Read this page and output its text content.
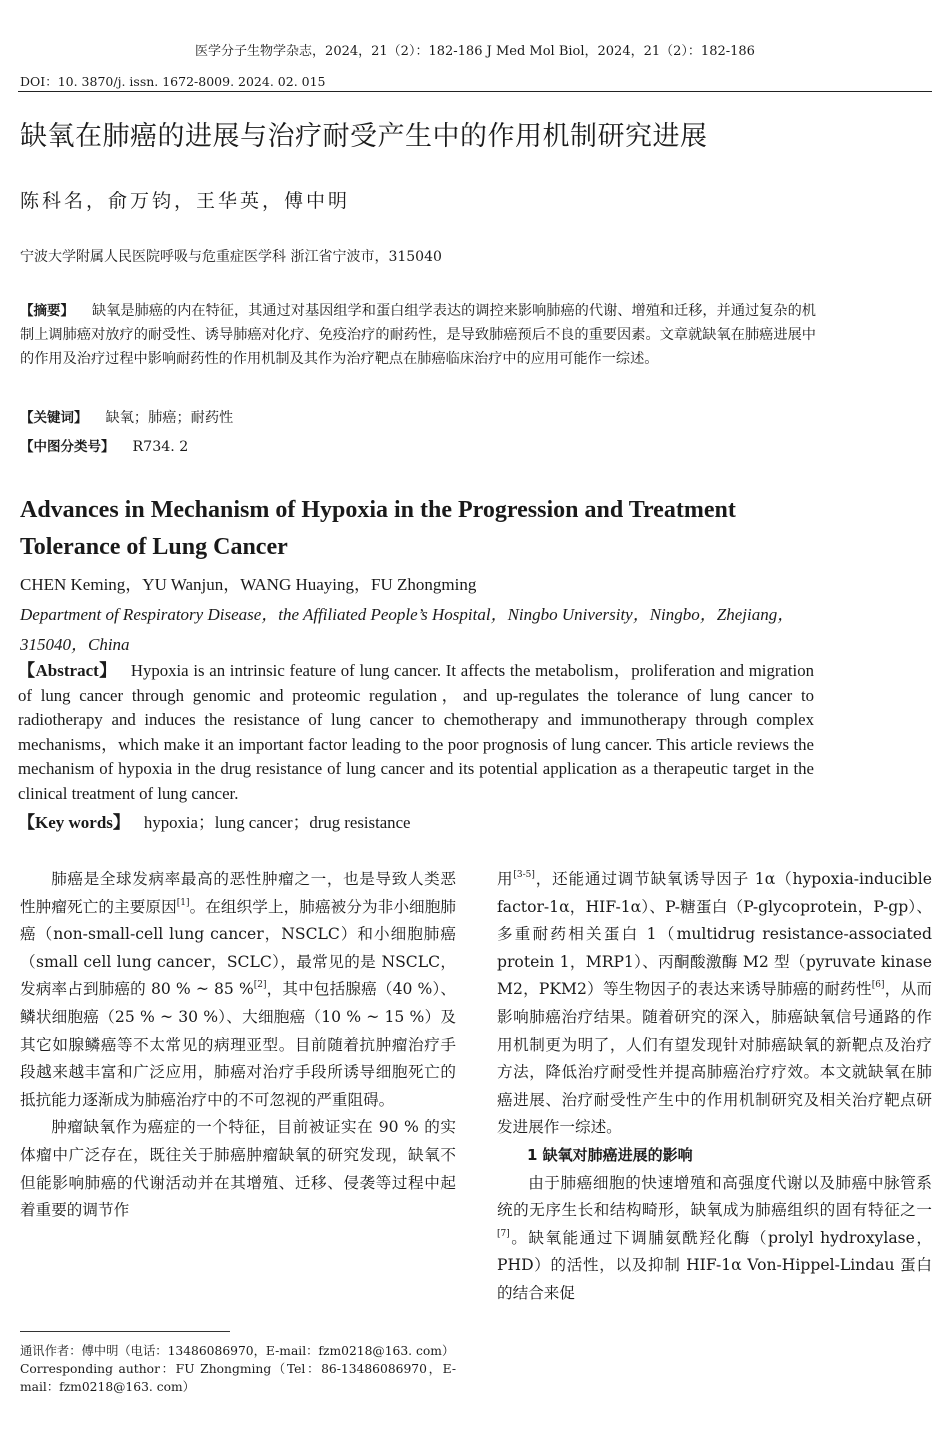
医学分子生物学杂志，2024，21（2）：182-186 J Med Mol Biol，2024，21（2）：182-186
DOI：10. 3870/j. issn. 1672-8009. 2024. 02. 015
缺氧在肺癌的进展与治疗耐受产生中的作用机制研究进展
陈科名，俞万钧，王华英，傅中明
宁波大学附属人民医院呼吸与危重症医学科 浙江省宁波市，315040
【摘要】 缺氧是肺癌的内在特征，其通过对基因组学和蛋白组学表达的调控来影响肺癌的代谢、增殖和迁移，并通过复杂的机制上调肺癌对放疗的耐受性、诱导肺癌对化疗、免疫治疗的耐药性，是导致肺癌预后不良的重要因素。文章就缺氧在肺癌进展中的作用及治疗过程中影响耐药性的作用机制及其作为治疗靶点在肺癌临床治疗中的应用可能作一综述。
【关键词】 缺氧；肺癌；耐药性
【中图分类号】 R734. 2
Advances in Mechanism of Hypoxia in the Progression and Treatment Tolerance of Lung Cancer
CHEN Keming，YU Wanjun，WANG Huaying，FU Zhongming
Department of Respiratory Disease，the Affiliated People’s Hospital，Ningbo University，Ningbo，Zhejiang，315040，China
【Abstract】 Hypoxia is an intrinsic feature of lung cancer. It affects the metabolism，proliferation and migration of lung cancer through genomic and proteomic regulation，and up-regulates the tolerance of lung cancer to radiotherapy and induces the resistance of lung cancer to chemotherapy and immunotherapy through complex mechanisms，which make it an important factor leading to the poor prognosis of lung cancer. This article reviews the mechanism of hypoxia in the drug resistance of lung cancer and its potential application as a therapeutic target in the clinical treatment of lung cancer.
【Key words】 hypoxia；lung cancer；drug resistance

肺癌是全球发病率最高的恶性肿瘤之一，也是导致人类恶性肿瘤死亡的主要原因[1]。在组织学上，肺癌被分为非小细胞肺癌（non-small-cell lung cancer，NSCLC）和小细胞肺癌（small cell lung cancer，SCLC），最常见的是 NSCLC，发病率占到肺癌的 80 % ~ 85 %[2]，其中包括腺癌（40 %）、鳞状细胞癌（25 % ~ 30 %）、大细胞癌（10 % ~ 15 %）及其它如腺鳞癌等不太常见的病理亚型。目前随着抗肿瘤治疗手段越来越丰富和广泛应用，肺癌对治疗手段所诱导细胞死亡的抵抗能力逐渐成为肺癌治疗中的不可忽视的严重阻碍。

肿瘤缺氧作为癌症的一个特征，目前被证实在 90 % 的实体瘤中广泛存在，既往关于肺癌肿瘤缺氧的研究发现，缺氧不但能影响肺癌的代谢活动并在其增殖、迁移、侵袭等过程中起着重要的调节作

用[3-5]，还能通过调节缺氧诱导因子 1α（hypoxia-inducible factor-1α，HIF-1α）、P-糖蛋白（P-glycoprotein，P-gp）、多重耐药相关蛋白 1（multidrug resistance-associated protein 1，MRP1）、丙酮酸激酶 M2 型（pyruvate kinase M2，PKM2）等生物因子的表达来诱导肺癌的耐药性[6]，从而影响肺癌治疗结果。随着研究的深入，肺癌缺氧信号通路的作用机制更为明了，人们有望发现针对肺癌缺氧的新靶点及治疗方法，降低治疗耐受性并提高肺癌治疗疗效。本文就缺氧在肺癌进展、治疗耐受性产生中的作用机制研究及相关治疗靶点研发进展作一综述。

1 缺氧对肺癌进展的影响

由于肺癌细胞的快速增殖和高强度代谢以及肺癌中脉管系统的无序生长和结构畸形，缺氧成为肺癌组织的固有特征之一[7]。缺氧能通过下调脯氨酰羟化酶（prolyl hydroxylase，PHD）的活性，以及抑制 HIF-1α Von-Hippel-Lindau 蛋白的结合来促

通讯作者：傅中明（电话：13486086970，E-mail：fzm0218@163. com）
Corresponding author：FU Zhongming（Tel：86-13486086970，E-mail：fzm0218@163. com）
